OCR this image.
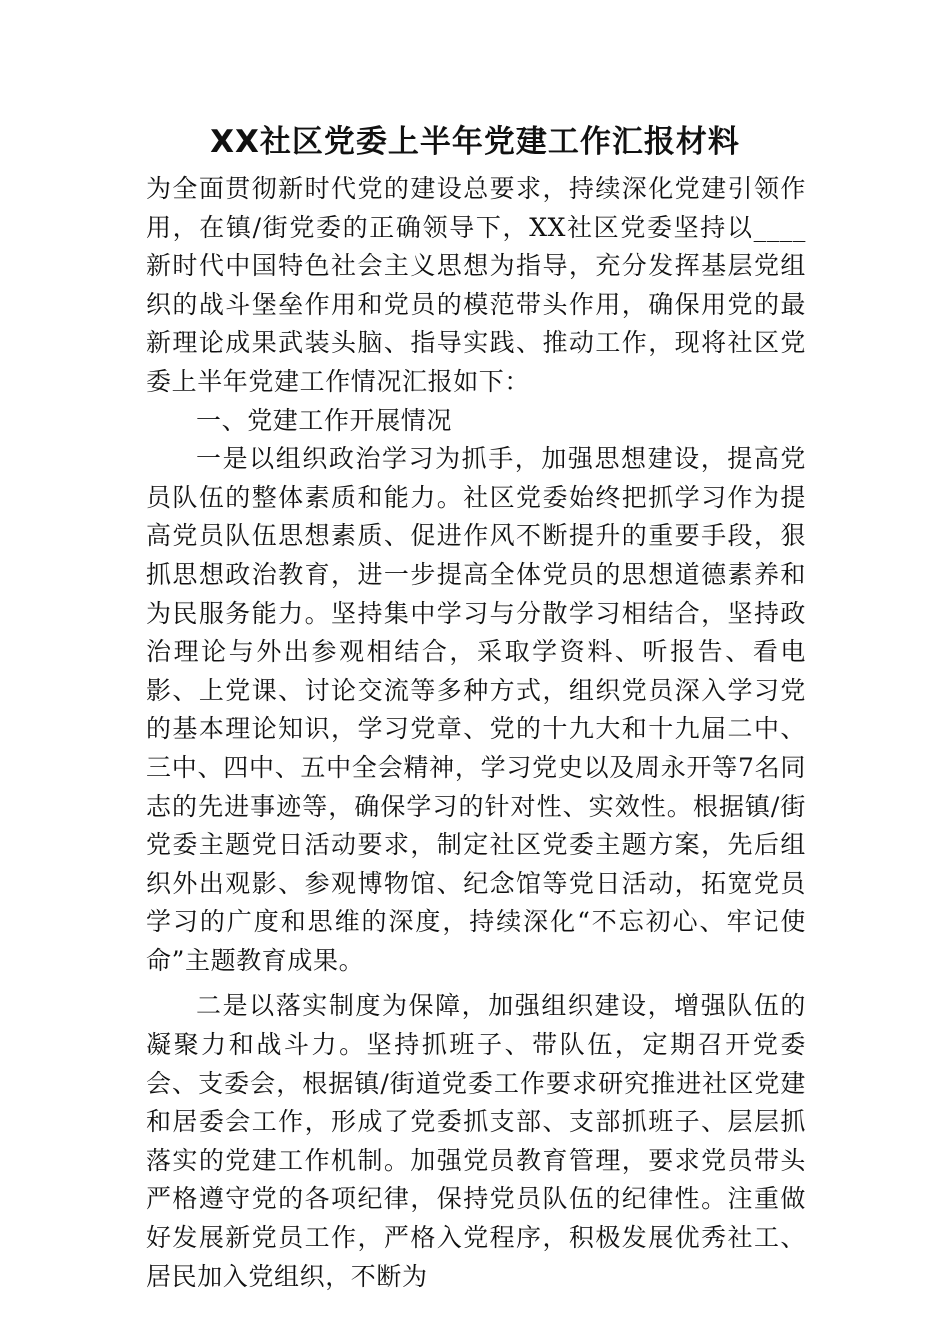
XX社区党委上半年党建工作汇报材料

为全面贯彻新时代党的建设总要求，持续深化党建引领作用，在镇/街党委的正确领导下，XX社区党委坚持以____新时代中国特色社会主义思想为指导，充分发挥基层党组织的战斗堡垒作用和党员的模范带头作用，确保用党的最新理论成果武装头脑、指导实践、推动工作，现将社区党委上半年党建工作情况汇报如下：

一、党建工作开展情况

一是以组织政治学习为抓手，加强思想建设，提高党员队伍的整体素质和能力。社区党委始终把抓学习作为提高党员队伍思想素质、促进作风不断提升的重要手段，狠抓思想政治教育，进一步提高全体党员的思想道德素养和为民服务能力。坚持集中学习与分散学习相结合，坚持政治理论与外出参观相结合，采取学资料、听报告、看电影、上党课、讨论交流等多种方式，组织党员深入学习党的基本理论知识，学习党章、党的十九大和十九届二中、三中、四中、五中全会精神，学习党史以及周永开等7名同志的先进事迹等，确保学习的针对性、实效性。根据镇/街党委主题党日活动要求，制定社区党委主题方案，先后组织外出观影、参观博物馆、纪念馆等党日活动，拓宽党员学习的广度和思维的深度，持续深化“不忘初心、牢记使命”主题教育成果。

二是以落实制度为保障，加强组织建设，增强队伍的凝聚力和战斗力。坚持抓班子、带队伍，定期召开党委会、支委会，根据镇/街道党委工作要求研究推进社区党建和居委会工作，形成了党委抓支部、支部抓班子、层层抓落实的党建工作机制。加强党员教育管理，要求党员带头严格遵守党的各项纪律，保持党员队伍的纪律性。注重做好发展新党员工作，严格入党程序，积极发展优秀社工、居民加入党组织，不断为
